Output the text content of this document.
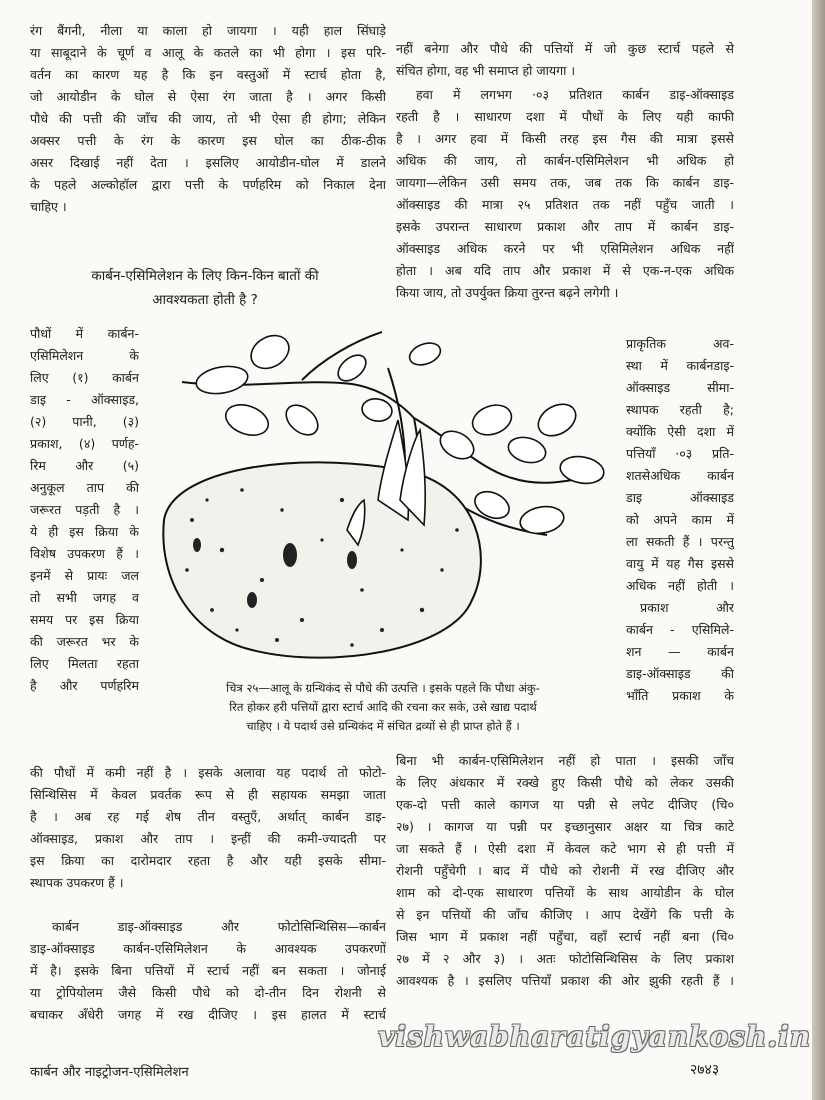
रंग बैंगनी, नीला या काला हो जायगा । यही हाल सिंघाड़े
या साबूदाने के चूर्ण व आलू के कतले का भी होगा । इस परि-
वर्तन का कारण यह है कि इन वस्तुओं में स्टार्च होता है,
जो आयोडीन के घोल से ऐसा रंग जाता है । अगर किसी
पौधे की पत्ती की जाँच की जाय, तो भी ऐसा ही होगा; लेकिन
अक्सर पत्ती के रंग के कारण इस घोल का ठीक-ठीक
असर दिखाई नहीं देता । इसलिए आयोडीन-घोल में डालने
के पहले अल्कोहॉल द्वारा पत्ती के पर्णहरिम को निकाल देना
चाहिए ।
कार्बन-एसिमिलेशन के लिए किन-किन बातों की
आवश्यकता होती है ?
पौधों में कार्बन-
एसिमिलेशन के
लिए (१) कार्बन
डाइ - ऑक्साइड,
(२) पानी, (३)
प्रकाश, (४) पर्णह-
रिम और (५)
अनुकूल ताप की
जरूरत पड़ती है ।
ये ही इस क्रिया के
विशेष उपकरण हैं ।
इनमें से प्रायः जल
तो सभी जगह व
समय पर इस क्रिया
की जरूरत भर के
लिए मिलता रहता
है और पर्णहरिम
की पौधों में कमी नहीं है । इसके अलावा यह पदार्थ तो फोटो-
सिन्थिसिस में केवल प्रवर्तक रूप से ही सहायक समझा जाता
है । अब रह गई शेष तीन वस्तुएँ, अर्थात् कार्बन डाइ-
ऑक्साइड, प्रकाश और ताप । इन्हीं की कमी-ज्यादती पर
इस क्रिया का दारोमदार रहता है और यही इसके सीमा-
स्थापक उपकरण हैं ।
कार्बन डाइ-ऑक्साइड और फोटोसिन्थिसिस—कार्बन
डाइ-ऑक्साइड कार्बन-एसिमिलेशन के आवश्यक उपकरणों
में है। इसके बिना पत्तियों में स्टार्च नहीं बन सकता । जोनाई
या ट्रोपियोलम जैसे किसी पौधे को दो-तीन दिन रोशनी से
बचाकर अँधेरी जगह में रख दीजिए । इस हालत में स्टार्च
नहीं बनेगा और पौधे की पत्तियों में जो कुछ स्टार्च पहले से
संचित होगा, वह भी समाप्त हो जायगा ।
हवा में लगभग ·०३ प्रतिशत कार्बन डाइ-ऑक्साइड
रहती है । साधारण दशा में पौधों के लिए यही काफी
है । अगर हवा में किसी तरह इस गैस की मात्रा इससे
अधिक की जाय, तो कार्बन-एसिमिलेशन भी अधिक हो
जायगा—लेकिन उसी समय तक, जब तक कि कार्बन डाइ-
ऑक्साइड की मात्रा २५ प्रतिशत तक नहीं पहुँच जाती ।
इसके उपरान्त साधारण प्रकाश और ताप में कार्बन डाइ-
ऑक्साइड अधिक करने पर भी एसिमिलेशन अधिक नहीं
होता । अब यदि ताप और प्रकाश में से एक-न-एक अधिक
किया जाय, तो उपर्युक्त क्रिया तुरन्त बढ़ने लगेगी ।
प्राकृतिक अव-
स्था में कार्बनडाइ-
ऑक्साइड सीमा-
स्थापक रहती है;
क्योंकि ऐसी दशा में
पत्तियाँ ·०३ प्रति-
शतसेअधिक कार्बन
डाइ ऑक्साइड
को अपने काम में
ला सकती हैं । परन्तु
वायु में यह गैस इससे
अधिक नहीं होती ।
प्रकाश और
कार्बन - एसिमिले-
शन — कार्बन
डाइ-ऑक्साइड की
भाँति प्रकाश के
बिना भी कार्बन-एसिमिलेशन नहीं हो पाता । इसकी जाँच
के लिए अंधकार में रक्खे हुए किसी पौधे को लेकर उसकी
एक-दो पत्ती काले कागज या पन्नी से लपेट दीजिए (चि०
२७) । कागज या पन्नी पर इच्छानुसार अक्षर या चित्र काटे
जा सकते हैं । ऐसी दशा में केवल कटे भाग से ही पत्ती में
रोशनी पहुँचेगी । बाद में पौधे को रोशनी में रख दीजिए और
शाम को दो-एक साधारण पत्तियों के साथ आयोडीन के घोल
से इन पत्तियों की जाँच कीजिए । आप देखेंगे कि पत्ती के
जिस भाग में प्रकाश नहीं पहुँचा, वहाँ स्टार्च नहीं बना (चि०
२७ में २ और ३) । अतः फोटोसिन्थिसिस के लिए प्रकाश
आवश्यक है । इसलिए पत्तियाँ प्रकाश की ओर झुकी रहती हैं ।
चित्र २५—आलू के ग्रन्थिकंद से पौधे की उत्पत्ति । इसके पहले कि पौधा अंकु-
रित होकर हरी पत्तियों द्वारा स्टार्च आदि की रचना कर सके, उसे खाद्य पदार्थ
चाहिए । ये पदार्थ उसे ग्रन्थिकंद में संचित द्रव्यों से ही प्राप्त होते हैं ।
vishwabharatigyankosh.in

कार्बन और नाइट्रोजन-एसिमिलेशन	२७४३
